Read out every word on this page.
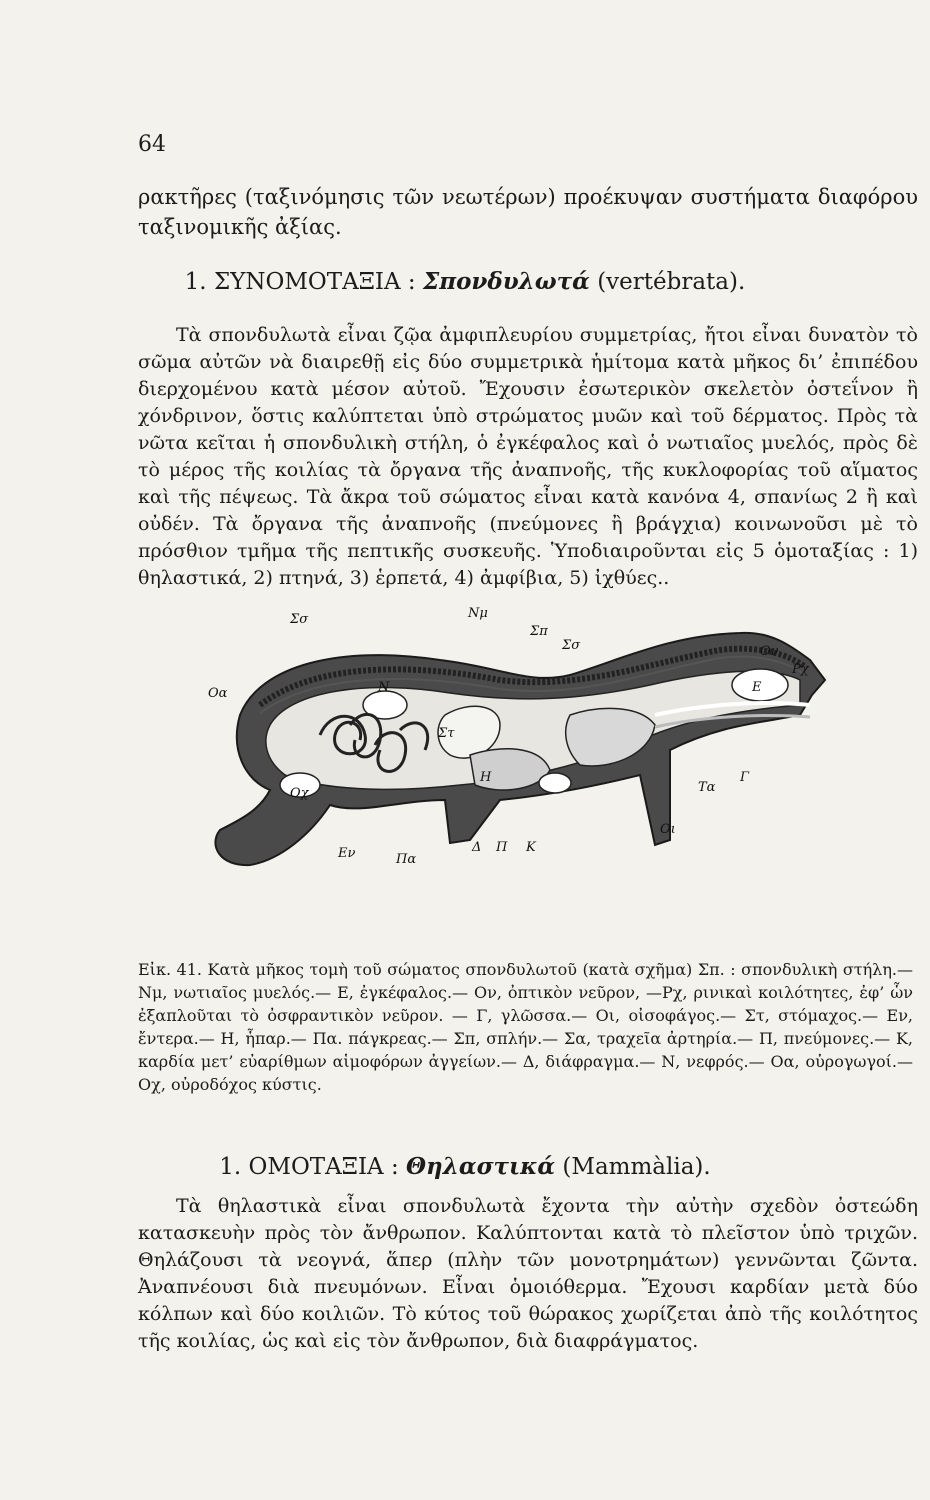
64
ρακτῆρες (ταξινόμησις τῶν νεωτέρων) προέκυψαν συστήματα διαφόρου ταξινομικῆς ἀξίας.
1. ΣΥΝΟΜΟΤΑΞΙΑ : Σπονδυλωτά (vertébrata).
Τὰ σπονδυλωτὰ εἶναι ζῷα ἀμφιπλευρίου συμμετρίας, ἤτοι εἶναι δυνατὸν τὸ σῶμα αὐτῶν νὰ διαιρεθῇ εἰς δύο συμμετρικὰ ἡμίτομα κατὰ μῆκος δι’ ἐπιπέδου διερχομένου κατὰ μέσον αὐτοῦ. Ἔχουσιν ἐσωτερικὸν σκελετὸν ὀστεΐνον ἢ χόνδρινον, ὅστις καλύπτεται ὑπὸ στρώματος μυῶν καὶ τοῦ δέρματος. Πρὸς τὰ νῶτα κεῖται ἡ σπονδυλικὴ στήλη, ὁ ἐγκέφαλος καὶ ὁ νωτιαῖος μυελός, πρὸς δὲ τὸ μέρος τῆς κοιλίας τὰ ὄργανα τῆς ἀναπνοῆς, τῆς κυκλοφορίας τοῦ αἵματος καὶ τῆς πέψεως. Τὰ ἄκρα τοῦ σώματος εἶναι κατὰ κανόνα 4, σπανίως 2 ἢ καὶ οὐδέν. Τὰ ὄργανα τῆς ἀναπνοῆς (πνεύμονες ἢ βράγχια) κοινωνοῦσι μὲ τὸ πρόσθιον τμῆμα τῆς πεπτικῆς συσκευῆς. Ὑποδιαιροῦνται εἰς 5 ὁμοταξίας : 1) θηλαστικά, 2) πτηνά, 3) ἑρπετά, 4) ἀμφίβια, 5) ἰχθύες..
Σσ	Νμ
Σπ
Σσ	Ον
Ρχ
Οα	Ν	Ε
Στ
Η
Οχ
Οι
Τα
Γ
Εν	Πα
Δ Π Κ
Εἰκ. 41. Κατὰ μῆκος τομὴ τοῦ σώματος σπονδυλωτοῦ (κατὰ σχῆμα) Σπ. : σπονδυλικὴ στήλη.— Νμ, νωτιαῖος μυελός.— Ε, ἐγκέφαλος.— Ον, ὀπτικὸν νεῦρον, —Ρχ, ρινικαὶ κοιλότητες, ἐφ’ ὧν ἐξαπλοῦται τὸ ὀσφραντικὸν νεῦρον. — Γ, γλῶσσα.— Οι, οἰσοφάγος.— Στ, στόμαχος.— Εν, ἔντερα.— Η, ἧπαρ.— Πα. πάγκρεας.— Σπ, σπλήν.— Σα, τραχεῖα ἀρτηρία.— Π, πνεύμονες.— Κ, καρδία μετ’ εὐαρίθμων αἱμοφόρων ἀγγείων.— Δ, διάφραγμα.— Ν, νεφρός.— Οα, οὐρογωγοί.— Οχ, οὐροδόχος κύστις.
1. ΟΜΟΤΑΞΙΑ : Θηλαστικά (Mammàlia).
Τὰ θηλαστικὰ εἶναι σπονδυλωτὰ ἔχοντα τὴν αὐτὴν σχεδὸν ὀστεώδη κατασκευὴν πρὸς τὸν ἄνθρωπον. Καλύπτονται κατὰ τὸ πλεῖστον ὑπὸ τριχῶν. Θηλάζουσι τὰ νεογνά, ἅπερ (πλὴν τῶν μονοτρημάτων) γεννῶνται ζῶντα. Ἀναπνέουσι διὰ πνευμόνων. Εἶναι ὁμοιόθερμα. Ἔχουσι καρδίαν μετὰ δύο κόλπων καὶ δύο κοιλιῶν. Τὸ κύτος τοῦ θώρακος χωρίζεται ἀπὸ τῆς κοιλότητος τῆς κοιλίας, ὡς καὶ εἰς τὸν ἄνθρωπον, διὰ διαφράγματος.
